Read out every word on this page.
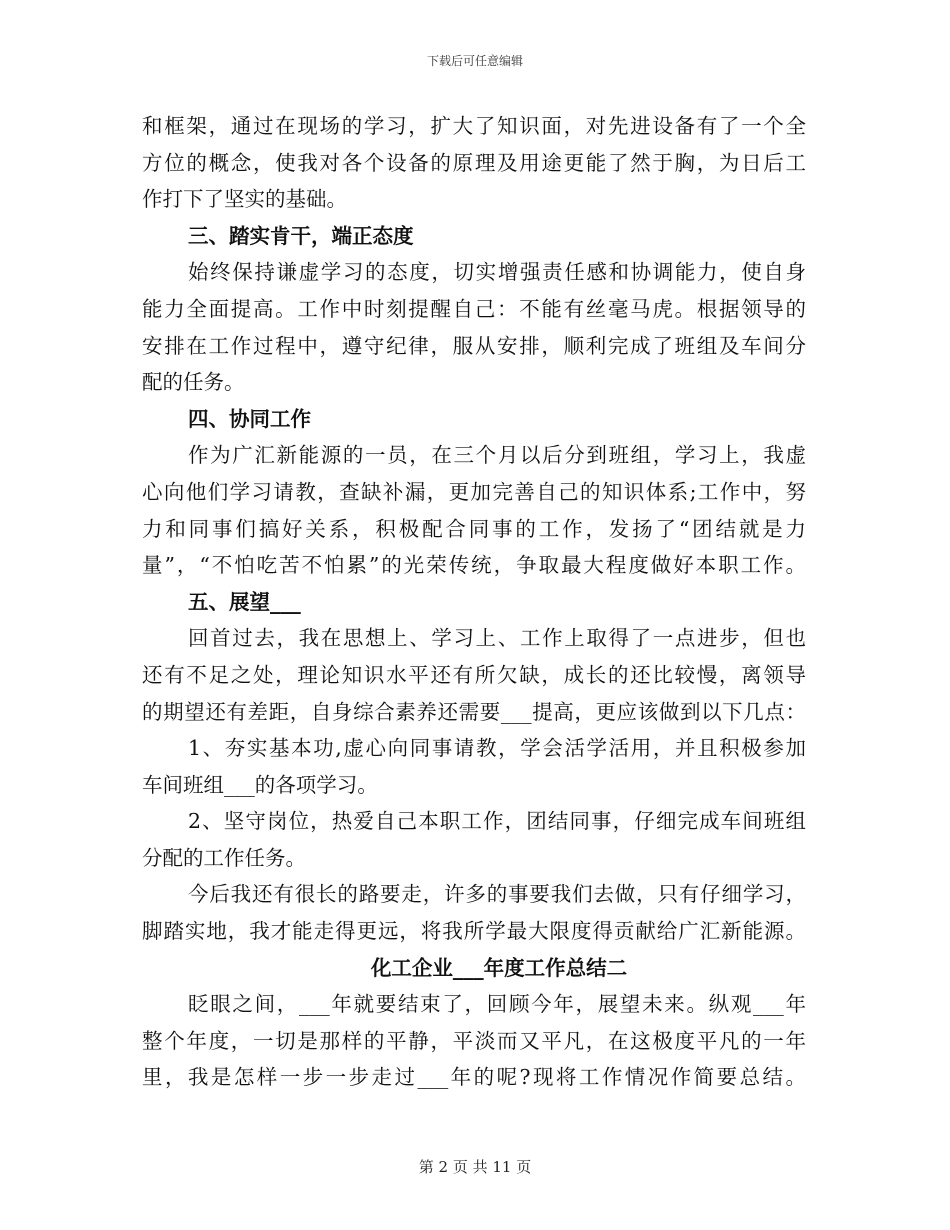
下载后可任意编辑
和框架，通过在现场的学习，扩大了知识面，对先进设备有了一个全
方位的概念，使我对各个设备的原理及用途更能了然于胸，为日后工
作打下了坚实的基础。
三、踏实肯干，端正态度
始终保持谦虚学习的态度，切实增强责任感和协调能力，使自身
能力全面提高。工作中时刻提醒自己：不能有丝毫马虎。根据领导的
安排在工作过程中，遵守纪律，服从安排，顺利完成了班组及车间分
配的任务。
四、协同工作
作为广汇新能源的一员，在三个月以后分到班组，学习上，我虚
心向他们学习请教，查缺补漏，更加完善自己的知识体系;工作中，努
力和同事们搞好关系，积极配合同事的工作，发扬了“团结就是力
量”，“不怕吃苦不怕累”的光荣传统，争取最大程度做好本职工作。
五、展望___
回首过去，我在思想上、学习上、工作上取得了一点进步，但也
还有不足之处，理论知识水平还有所欠缺，成长的还比较慢，离领导
的期望还有差距，自身综合素养还需要___提高，更应该做到以下几点：
1、夯实基本功,虚心向同事请教，学会活学活用，并且积极参加
车间班组___的各项学习。
2、坚守岗位，热爱自己本职工作，团结同事，仔细完成车间班组
分配的工作任务。
今后我还有很长的路要走，许多的事要我们去做，只有仔细学习，
脚踏实地，我才能走得更远，将我所学最大限度得贡献给广汇新能源。
化工企业___年度工作总结二
眨眼之间，___年就要结束了，回顾今年，展望未来。纵观___年
整个年度，一切是那样的平静，平淡而又平凡，在这极度平凡的一年
里，我是怎样一步一步走过___年的呢?现将工作情况作简要总结。
第 2 页 共 11 页
